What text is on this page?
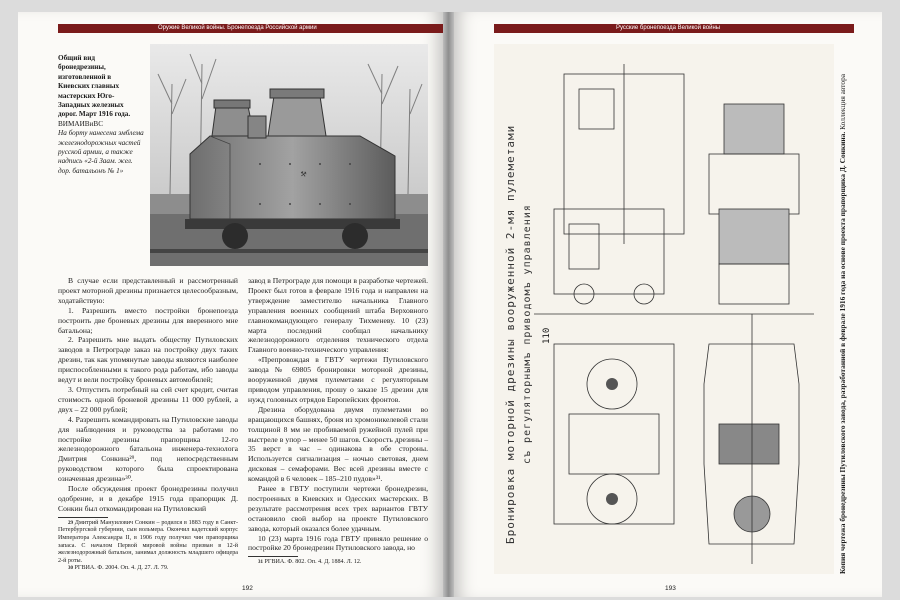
Оружие Великой войны. Бронепоезда Российской армии
Общий вид бронедрезины, изготовленной в Киевских главных мастерских Юго-Западных железных дорог. Март 1916 года.
ВИМАИВиВС
На борту нанесена эмблема железнодорожных частей русской армии, а также надпись «2-й Заам. жел. дор. батальонъ № 1»	⚒

В случае если представленный и рассмотренный проект моторной дрезины признается целесообразным, ходатайствую:

1. Разрешить вместо постройки бронепоезда построить две броневых дрезины для вверенного мне батальона;

2. Разрешить мне выдать обществу Путиловских заводов в Петрограде заказ на постройку двух таких дрезин, так как упомянутые заводы являются наиболее приспособленными к такого рода работам, ибо заводы ведут и вели постройку броневых автомобилей;

3. Отпустить потребный на сей счет кредит, считая стоимость одной броневой дрезины 11 000 рублей, а двух – 22 000 рублей;

4. Разрешить командировать на Путиловские заводы для наблюдения и руководства за работами по постройке дрезины прапорщика 12-го железнодорожного батальона инженера-технолога Дмитрия Сонкина²⁹, под непосредственным руководством которого была спроектирована означенная дрезина»³⁰.

После обсуждения проект бронедрезины получил одобрение, и в декабре 1915 года прапорщик Д. Сонкин был откомандирован на Путиловский

29 Дмитрий Мануилович Сонкин – родился в 1883 году в Санкт-Петербургской губернии, сын вольмера. Окончил кадетский корпус Императора Александра II, в 1906 году получил чин прапорщика запаса. С началом Первой мировой войны призван в 12-й железнодорожный батальон, занимал должность младшего офицера 2-й роты.

30 РГВИА. Ф. 2004. Оп. 4. Д. 27. Л. 79.

завод в Петрограде для помощи в разработке чертежей. Проект был готов в феврале 1916 года и направлен на утверждение заместителю начальника Главного управления военных сообщений штаба Верховного главнокомандующего генералу Тихменеву. 10 (23) марта последний сообщал начальнику железнодорожного отделения технического отдела Главного военно-технического управления:

«Препровождая в ГВТУ чертежи Путиловского завода № 69805 бронировки моторной дрезины, вооруженной двумя пулеметами с регуляторным приводом управления, прошу о заказе 15 дрезин для нужд головных отрядов Европейских фронтов.

Дрезина оборудована двумя пулеметами во вращающихся башнях, броня из хромоникелевой стали толщиной 8 мм не пробиваемой ружейной пулей при выстреле в упор – менее 50 шагов. Скорость дрезины – 35 верст в час – одинакова в обе стороны. Используется сигнализация – ночью световая, днем дисковая – семафорами. Вес всей дрезины вместе с командой в 6 человек – 185–210 пудов»³¹.

Ранее в ГВТУ поступили чертежи бронедрезин, построенных в Киевских и Одесских мастерских. В результате рассмотрения всех трех вариантов ГВТУ остановило свой выбор на проекте Путиловского завода, который оказался более удачным.

10 (23) марта 1916 года ГВТУ приняло решение о постройке 20 бронедрезин Путиловского завода, но

31 РГВИА. Ф. 802. Оп. 4. Д. 1884. Л. 12.

192
Русские бронепоезда Великой войны
Бронировка моторной дрезины вооруженной 2-мя пулеметами съ регуляторнымъ приводомъ управления 110	Копия чертежа бронедрезины Путиловского завода, разработанной в феврале 1916 года на основе проекта прапорщика Д. Сонкина. Коллекция автора
193
